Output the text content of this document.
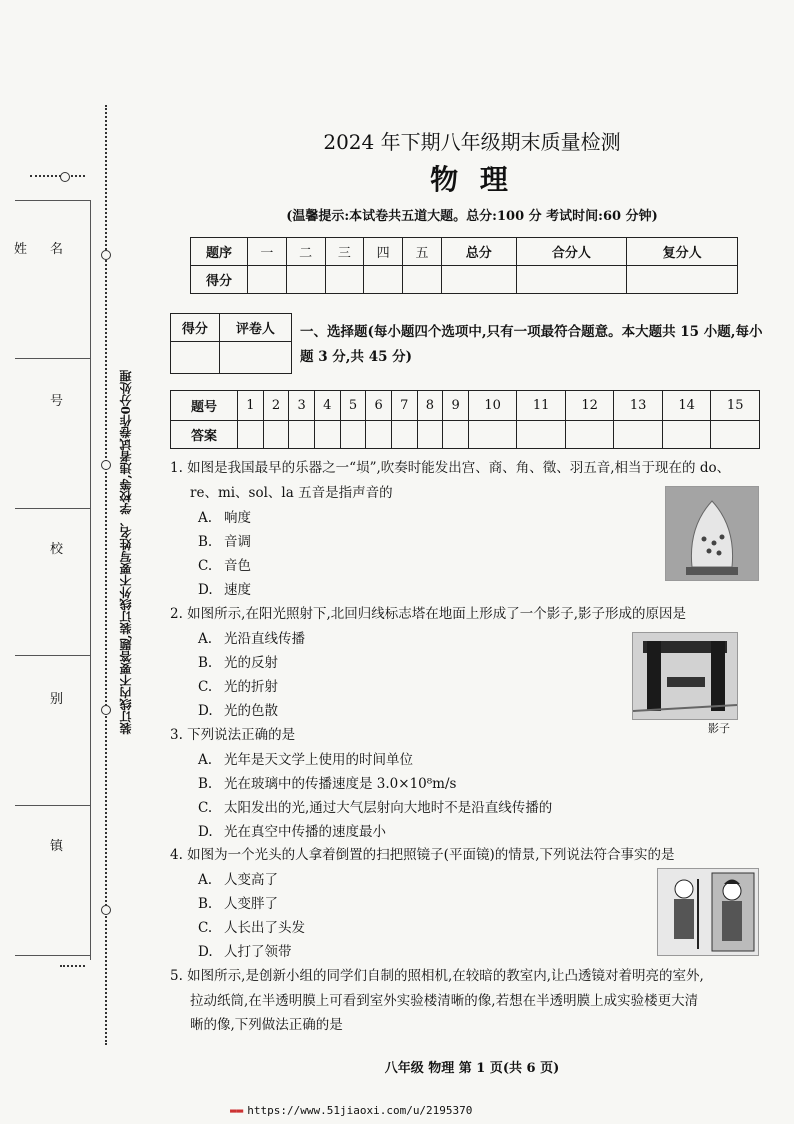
姓 名
号
校
别
镇
装订线内不要答题,装订线外不要写姓名、学校等,违者试卷作0分处理
2024 年下期八年级期末质量检测
物 理
(温馨提示:本试卷共五道大题。总分:100 分 考试时间:60 分钟)
题序	一	二	三	四	五	总分	合分人	复分人
得分								
得分	评卷人
	一、选择题(每小题四个选项中,只有一项最符合题意。本大题共 15 小题,每小
题 3 分,共 45 分)
题号	1	2	3	4	5	6	7	8	9	10	11	12	13	14	15
答案															
1. 如图是我国最早的乐器之一“埙”,吹奏时能发出宫、商、角、徵、羽五音,相当于现在的 do、
re、mi、sol、la 五音是指声音的
A. 响度
B. 音调
C. 音色
D. 速度
2. 如图所示,在阳光照射下,北回归线标志塔在地面上形成了一个影子,影子形成的原因是
A. 光沿直线传播
B. 光的反射
C. 光的折射
D. 光的色散
影子
3. 下列说法正确的是
A. 光年是天文学上使用的时间单位
B. 光在玻璃中的传播速度是 3.0×10⁸m/s
C. 太阳发出的光,通过大气层射向大地时不是沿直线传播的
D. 光在真空中传播的速度最小
4. 如图为一个光头的人拿着倒置的扫把照镜子(平面镜)的情景,下列说法符合事实的是
A. 人变高了
B. 人变胖了
C. 人长出了头发
D. 人打了领带
5. 如图所示,是创新小组的同学们自制的照相机,在较暗的教室内,让凸透镜对着明亮的室外,
拉动纸筒,在半透明膜上可看到室外实验楼清晰的像,若想在半透明膜上成实验楼更大清
晰的像,下列做法正确的是
八年级 物理 第 1 页(共 6 页)
▬▬ https://www.51jiaoxi.com/u/2195370
